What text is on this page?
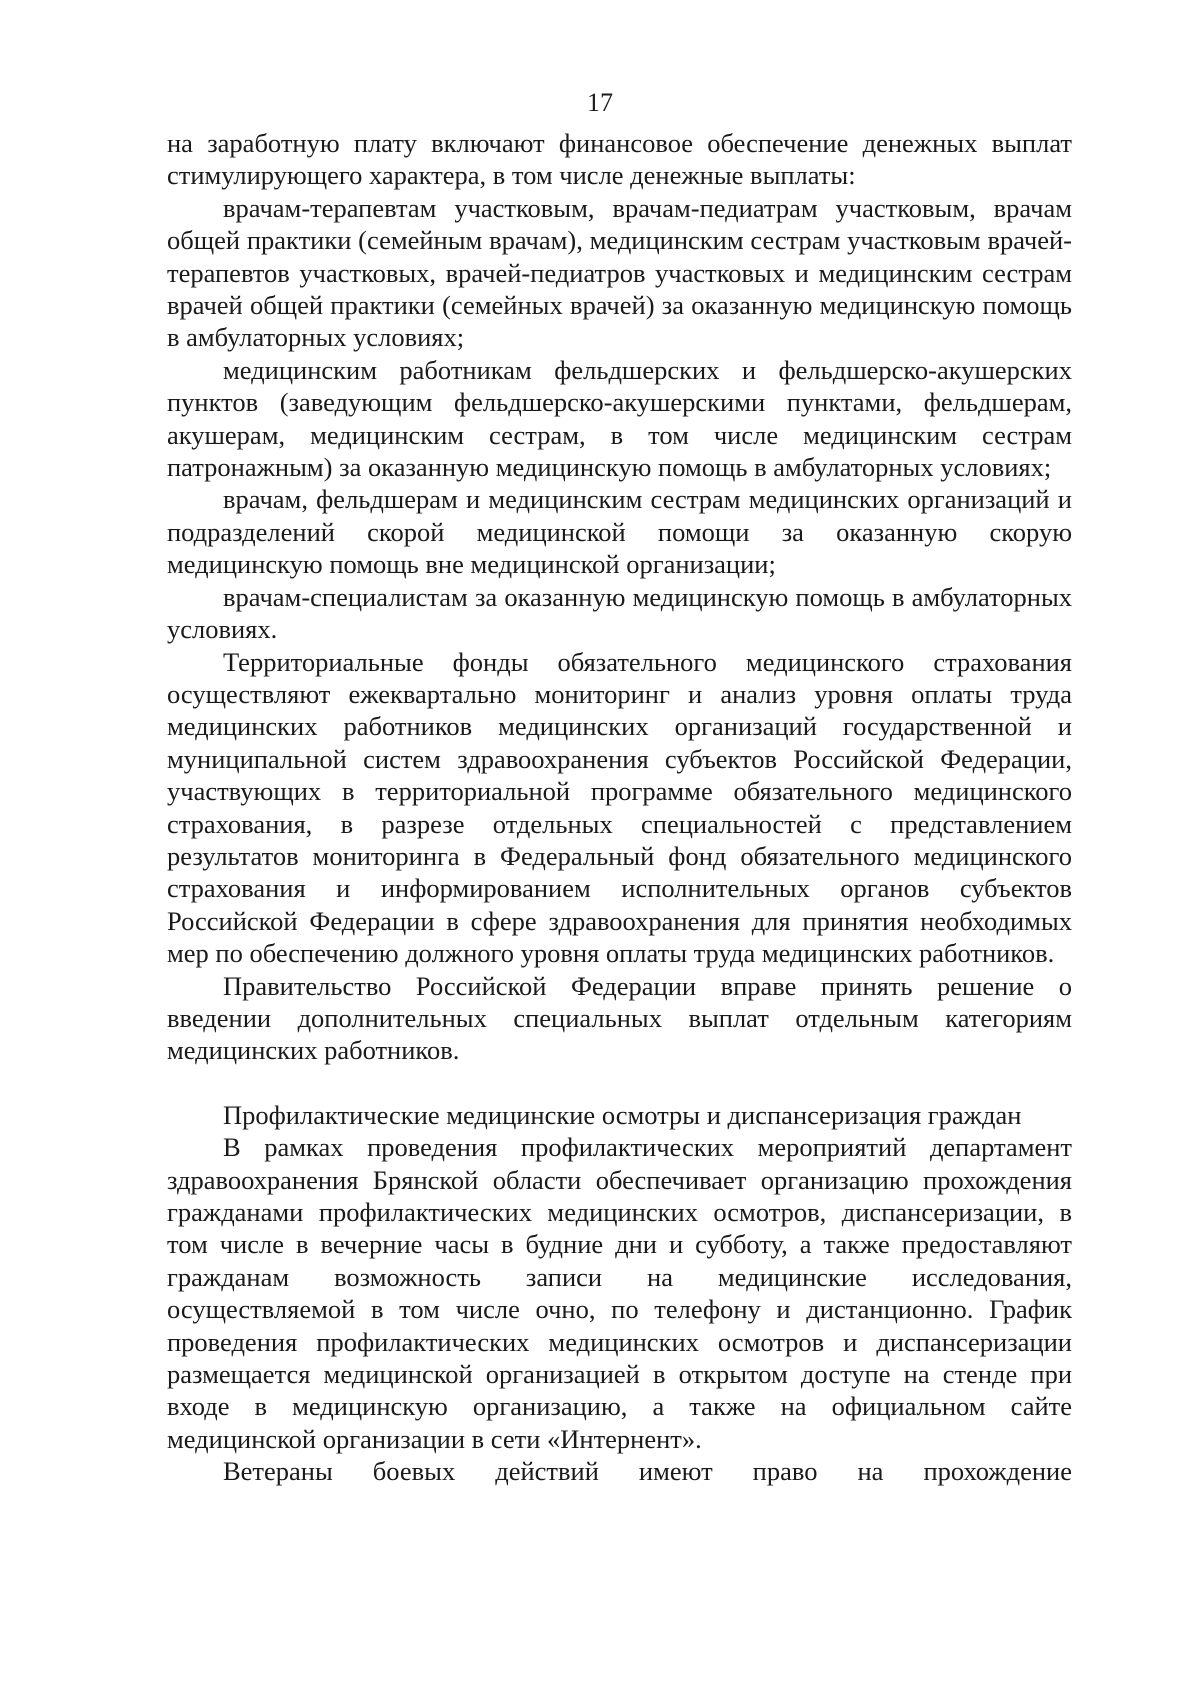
17

на заработную плату включают финансовое обеспечение денежных выплат стимулирующего характера, в том числе денежные выплаты:

врачам-терапевтам участковым, врачам-педиатрам участковым, врачам общей практики (семейным врачам), медицинским сестрам участковым врачей-терапевтов участковых, врачей-педиатров участковых и медицинским сестрам врачей общей практики (семейных врачей) за оказанную медицинскую помощь в амбулаторных условиях;

медицинским работникам фельдшерских и фельдшерско-акушерских пунктов (заведующим фельдшерско-акушерскими пунктами, фельдшерам, акушерам, медицинским сестрам, в том числе медицинским сестрам патронажным) за оказанную медицинскую помощь в амбулаторных условиях;

врачам, фельдшерам и медицинским сестрам медицинских организаций и подразделений скорой медицинской помощи за оказанную скорую медицинскую помощь вне медицинской организации;

врачам-специалистам за оказанную медицинскую помощь в амбулаторных условиях.

Территориальные фонды обязательного медицинского страхования осуществляют ежеквартально мониторинг и анализ уровня оплаты труда медицинских работников медицинских организаций государственной и муниципальной систем здравоохранения субъектов Российской Федерации, участвующих в территориальной программе обязательного медицинского страхования, в разрезе отдельных специальностей с представлением результатов мониторинга в Федеральный фонд обязательного медицинского страхования и информированием исполнительных органов субъектов Российской Федерации в сфере здравоохранения для принятия необходимых мер по обеспечению должного уровня оплаты труда медицинских работников.

Правительство Российской Федерации вправе принять решение о введении дополнительных специальных выплат отдельным категориям медицинских работников.

Профилактические медицинские осмотры и диспансеризация граждан

В рамках проведения профилактических мероприятий департамент здравоохранения Брянской области обеспечивает организацию прохождения гражданами профилактических медицинских осмотров, диспансеризации, в том числе в вечерние часы в будние дни и субботу, а также предоставляют гражданам возможность записи на медицинские исследования, осуществляемой в том числе очно, по телефону и дистанционно. График проведения профилактических медицинских осмотров и диспансеризации размещается медицинской организацией в открытом доступе на стенде при входе в медицинскую организацию, а также на официальном сайте медицинской организации в сети «Интернент».

Ветераны боевых действий имеют право на прохождение
